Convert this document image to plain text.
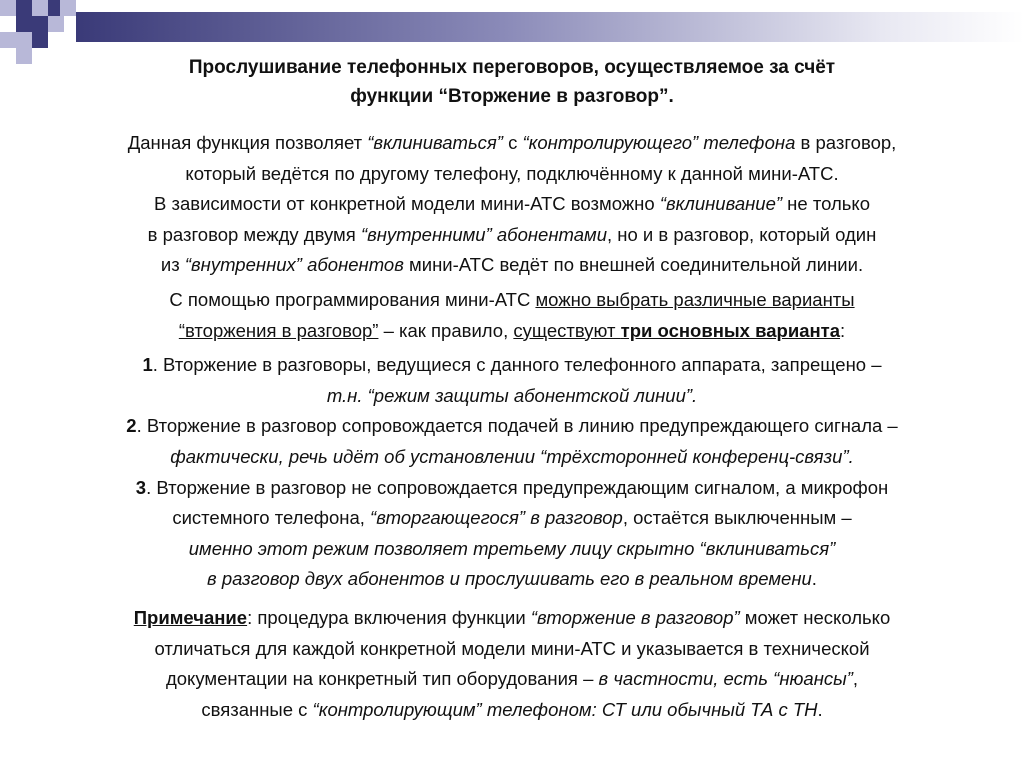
Прослушивание телефонных переговоров, осуществляемое за счёт
функции “Вторжение в разговор”.
Данная функция позволяет “вклиниваться” с “контролирующего” телефона в разговор,
который ведётся по другому телефону, подключённому к данной мини-АТС.
В зависимости от конкретной модели мини-АТС возможно “вклинивание” не только
в разговор между двумя “внутренними” абонентами, но и в разговор, который один
из “внутренних” абонентов мини-АТС ведёт по внешней соединительной линии.
С помощью программирования мини-АТС можно выбрать различные варианты
“вторжения в разговор” – как правило, существуют три основных варианта:
1. Вторжение в разговоры, ведущиеся с данного телефонного аппарата, запрещено –
т.н. “режим защиты абонентской линии”.
2. Вторжение в разговор сопровождается подачей в линию предупреждающего сигнала –
фактически, речь идёт об установлении “трёхсторонней конференц-связи”.
3. Вторжение в разговор не сопровождается предупреждающим сигналом, а микрофон
системного телефона, “вторгающегося” в разговор, остаётся выключенным –
именно этот режим позволяет третьему лицу скрытно “вклиниваться”
в разговор двух абонентов и прослушивать его в реальном времени.
Примечание: процедура включения функции “вторжение в разговор” может несколько
отличаться для каждой конкретной модели мини-АТС и указывается в технической
документации на конкретный тип оборудования – в частности, есть “нюансы”,
связанные с “контролирующим” телефоном: СТ или обычный ТА с ТН.
